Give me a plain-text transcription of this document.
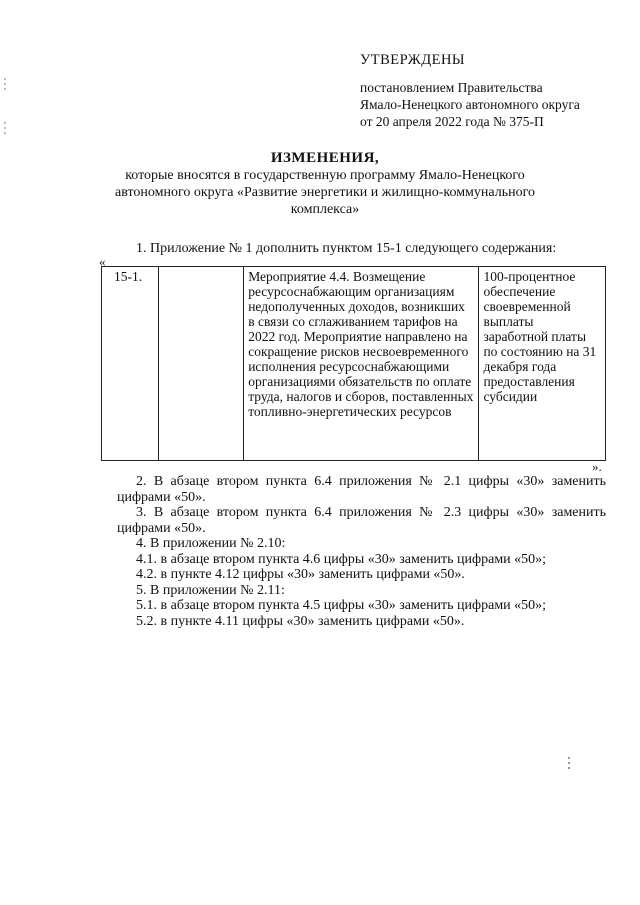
УТВЕРЖДЕНЫ
постановлением Правительства
Ямало-Ненецкого автономного округа
от 20 апреля 2022 года № 375-П
ИЗМЕНЕНИЯ,
которые вносятся в государственную программу Ямало-Ненецкого
автономного округа «Развитие энергетики и жилищно-коммунального
комплекса»
1. Приложение № 1 дополнить пунктом 15-1 следующего содержания:
«
15-1.		Мероприятие 4.4. Возмещение ресурсоснабжающим организациям недополученных доходов, возникших в связи со сглаживанием тарифов на 2022 год. Мероприятие направлено на сокращение рисков несвоевременного исполнения ресурсоснабжающими организациями обязательств по оплате труда, налогов и сборов, поставленных топливно-энергетических ресурсов	100-процентное обеспечение своевременной выплаты заработной платы по состоянию на 31 декабря года предоставления субсидии
».

2. В абзаце втором пункта 6.4 приложения № 2.1 цифры «30» заменить цифрами «50».

3. В абзаце втором пункта 6.4 приложения № 2.3 цифры «30» заменить цифрами «50».

4. В приложении № 2.10:

4.1. в абзаце втором пункта 4.6 цифры «30» заменить цифрами «50»;

4.2. в пункте 4.12 цифры «30» заменить цифрами «50».

5. В приложении № 2.11:

5.1. в абзаце втором пункта 4.5 цифры «30» заменить цифрами «50»;

5.2. в пункте 4.11 цифры «30» заменить цифрами «50».
